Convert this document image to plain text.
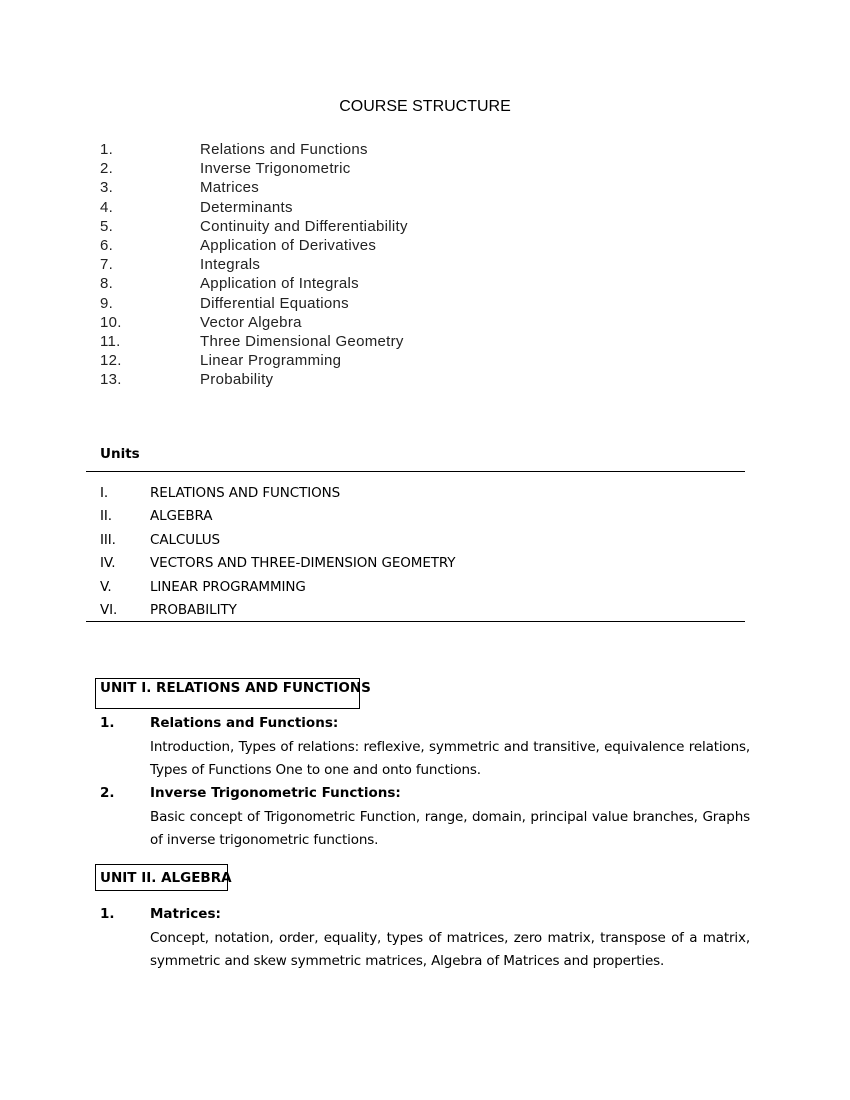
COURSE STRUCTURE
1.	Relations and Functions
2.	Inverse Trigonometric
3.	Matrices
4.	Determinants
5.	Continuity and Differentiability
6.	Application of Derivatives
7.	Integrals
8.	Application of Integrals
9.	Differential Equations
10.	Vector Algebra
11.	Three Dimensional Geometry
12.	Linear Programming
13.	Probability
Units
I.	RELATIONS AND FUNCTIONS
II.	ALGEBRA
III.	CALCULUS
IV.	VECTORS AND THREE-DIMENSION GEOMETRY
V.	LINEAR PROGRAMMING
VI. PROBABILITY
UNIT I. RELATIONS AND FUNCTIONS
1.	Relations and Functions:
Introduction, Types of relations: reflexive, symmetric and transitive, equivalence relations, Types of Functions One to one and onto functions.
2.	Inverse Trigonometric Functions:
Basic concept of Trigonometric Function, range, domain, principal value branches, Graphs of inverse trigonometric functions.
UNIT II. ALGEBRA
1.	Matrices:
Concept, notation, order, equality, types of matrices, zero matrix, transpose of a matrix, symmetric and skew symmetric matrices, Algebra of Matrices and properties.
